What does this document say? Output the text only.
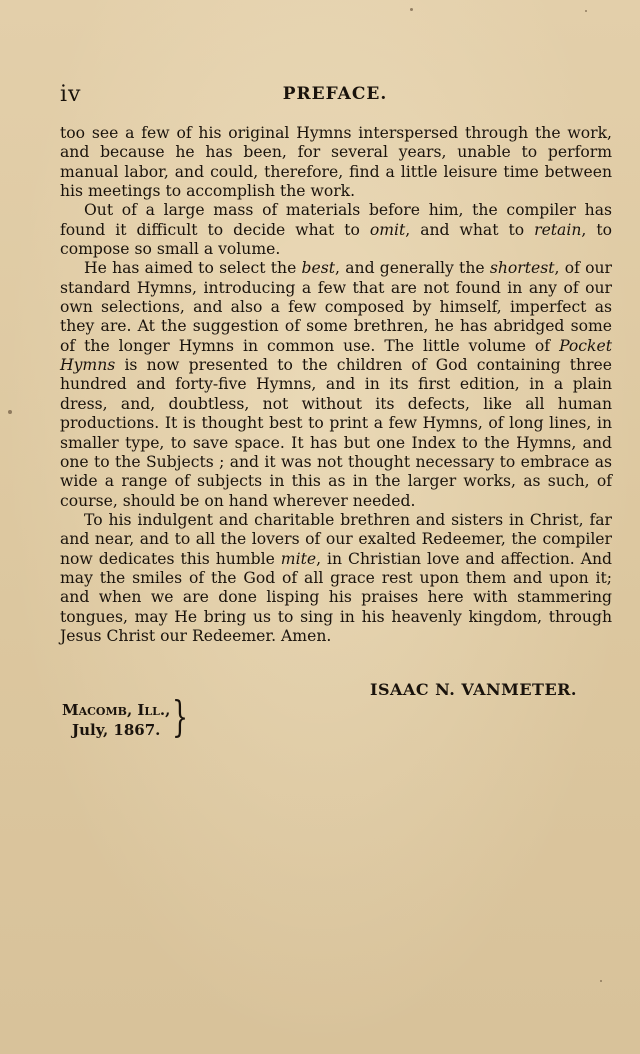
iv	PREFACE.

too see a few of his original Hymns interspersed through the work, and because he has been, for several years, unable to perform manual labor, and could, therefore, find a little leisure time between his meetings to accomplish the work.

Out of a large mass of materials before him, the compiler has found it difficult to decide what to omit, and what to retain, to compose so small a volume.

He has aimed to select the best, and generally the shortest, of our standard Hymns, introducing a few that are not found in any of our own selections, and also a few composed by himself, imperfect as they are. At the suggestion of some brethren, he has abridged some of the longer Hymns in common use. The little volume of Pocket Hymns is now presented to the children of God containing three hundred and forty-five Hymns, and in its first edition, in a plain dress, and, doubtless, not without its defects, like all human productions. It is thought best to print a few Hymns, of long lines, in smaller type, to save space. It has but one Index to the Hymns, and one to the Subjects ; and it was not thought necessary to embrace as wide a range of subjects in this as in the larger works, as such, of course, should be on hand wherever needed.

To his indulgent and charitable brethren and sisters in Christ, far and near, and to all the lovers of our exalted Redeemer, the compiler now dedicates this humble mite, in Christian love and affection. And may the smiles of the God of all grace rest upon them and upon it; and when we are done lisping his praises here with stammering tongues, may He bring us to sing in his heavenly kingdom, through Jesus Christ our Redeemer. Amen.

ISAAC N. VANMETER.
Macomb, Ill.,
July, 1867. }
